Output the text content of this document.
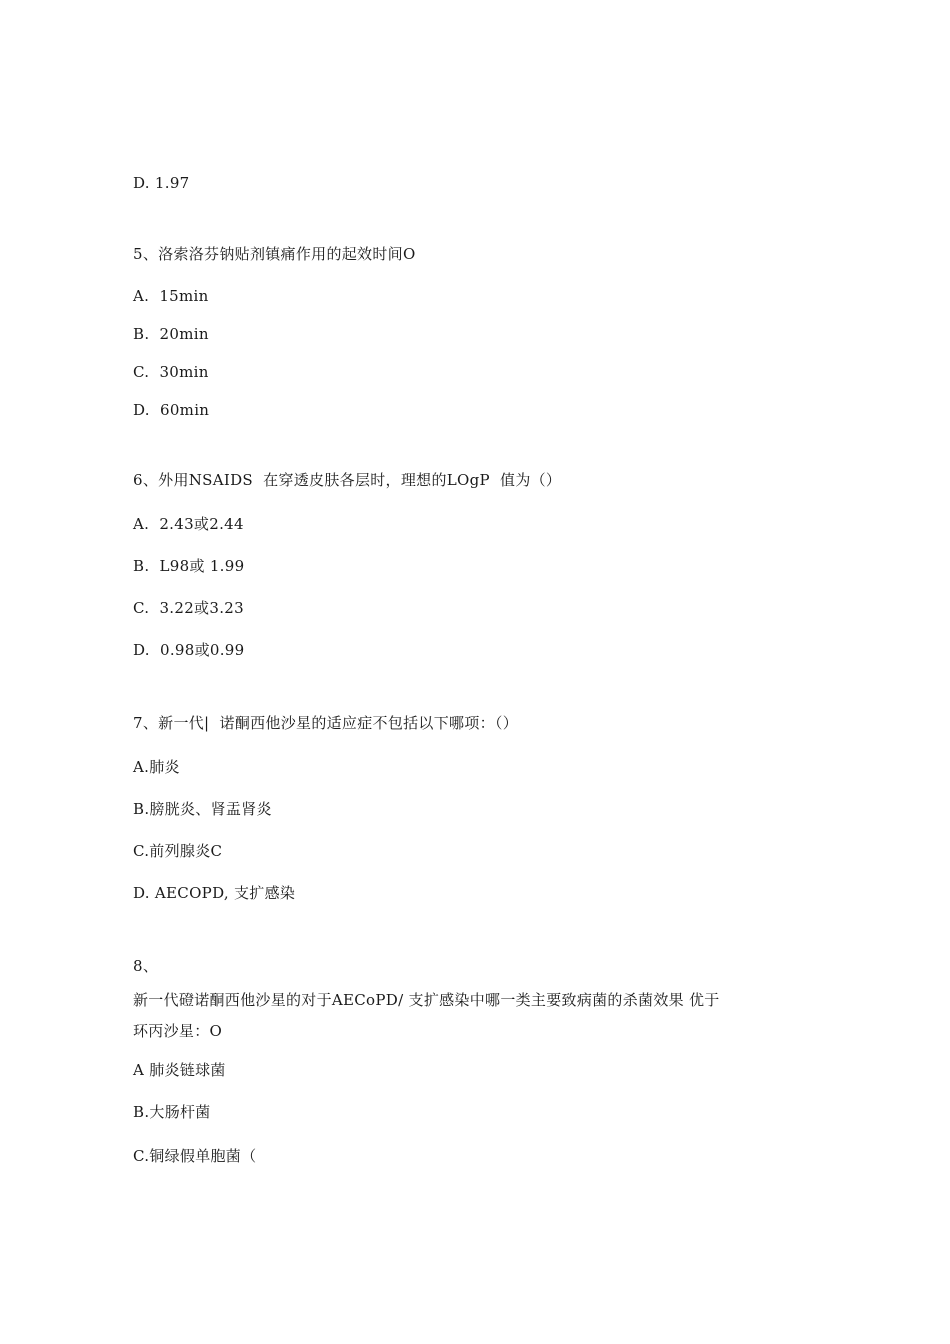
D. 1.97
5、洛索洛芬钠贴剂镇痛作用的起效时间O
A.  15min
B.  20min
C.  30min
D.  60min
6、外用NSAIDS  在穿透皮肤各层时，理想的LOgP  值为（）
A.  2.43或2.44
B.  L98或 1.99
C.  3.22或3.23
D.  0.98或0.99
7、新一代|  诺酮西他沙星的适应症不包括以下哪项：（）
A.肺炎
B.膀胱炎、肾盂肾炎
C.前列腺炎C
D. AECOPD, 支扩感染
8、
新一代磴诺酮西他沙星的对于AECoPD/ 支扩感染中哪一类主要致病菌的杀菌效果 优于
环丙沙星：O
A 肺炎链球菌
B.大肠杆菌
C.铜绿假单胞菌（
